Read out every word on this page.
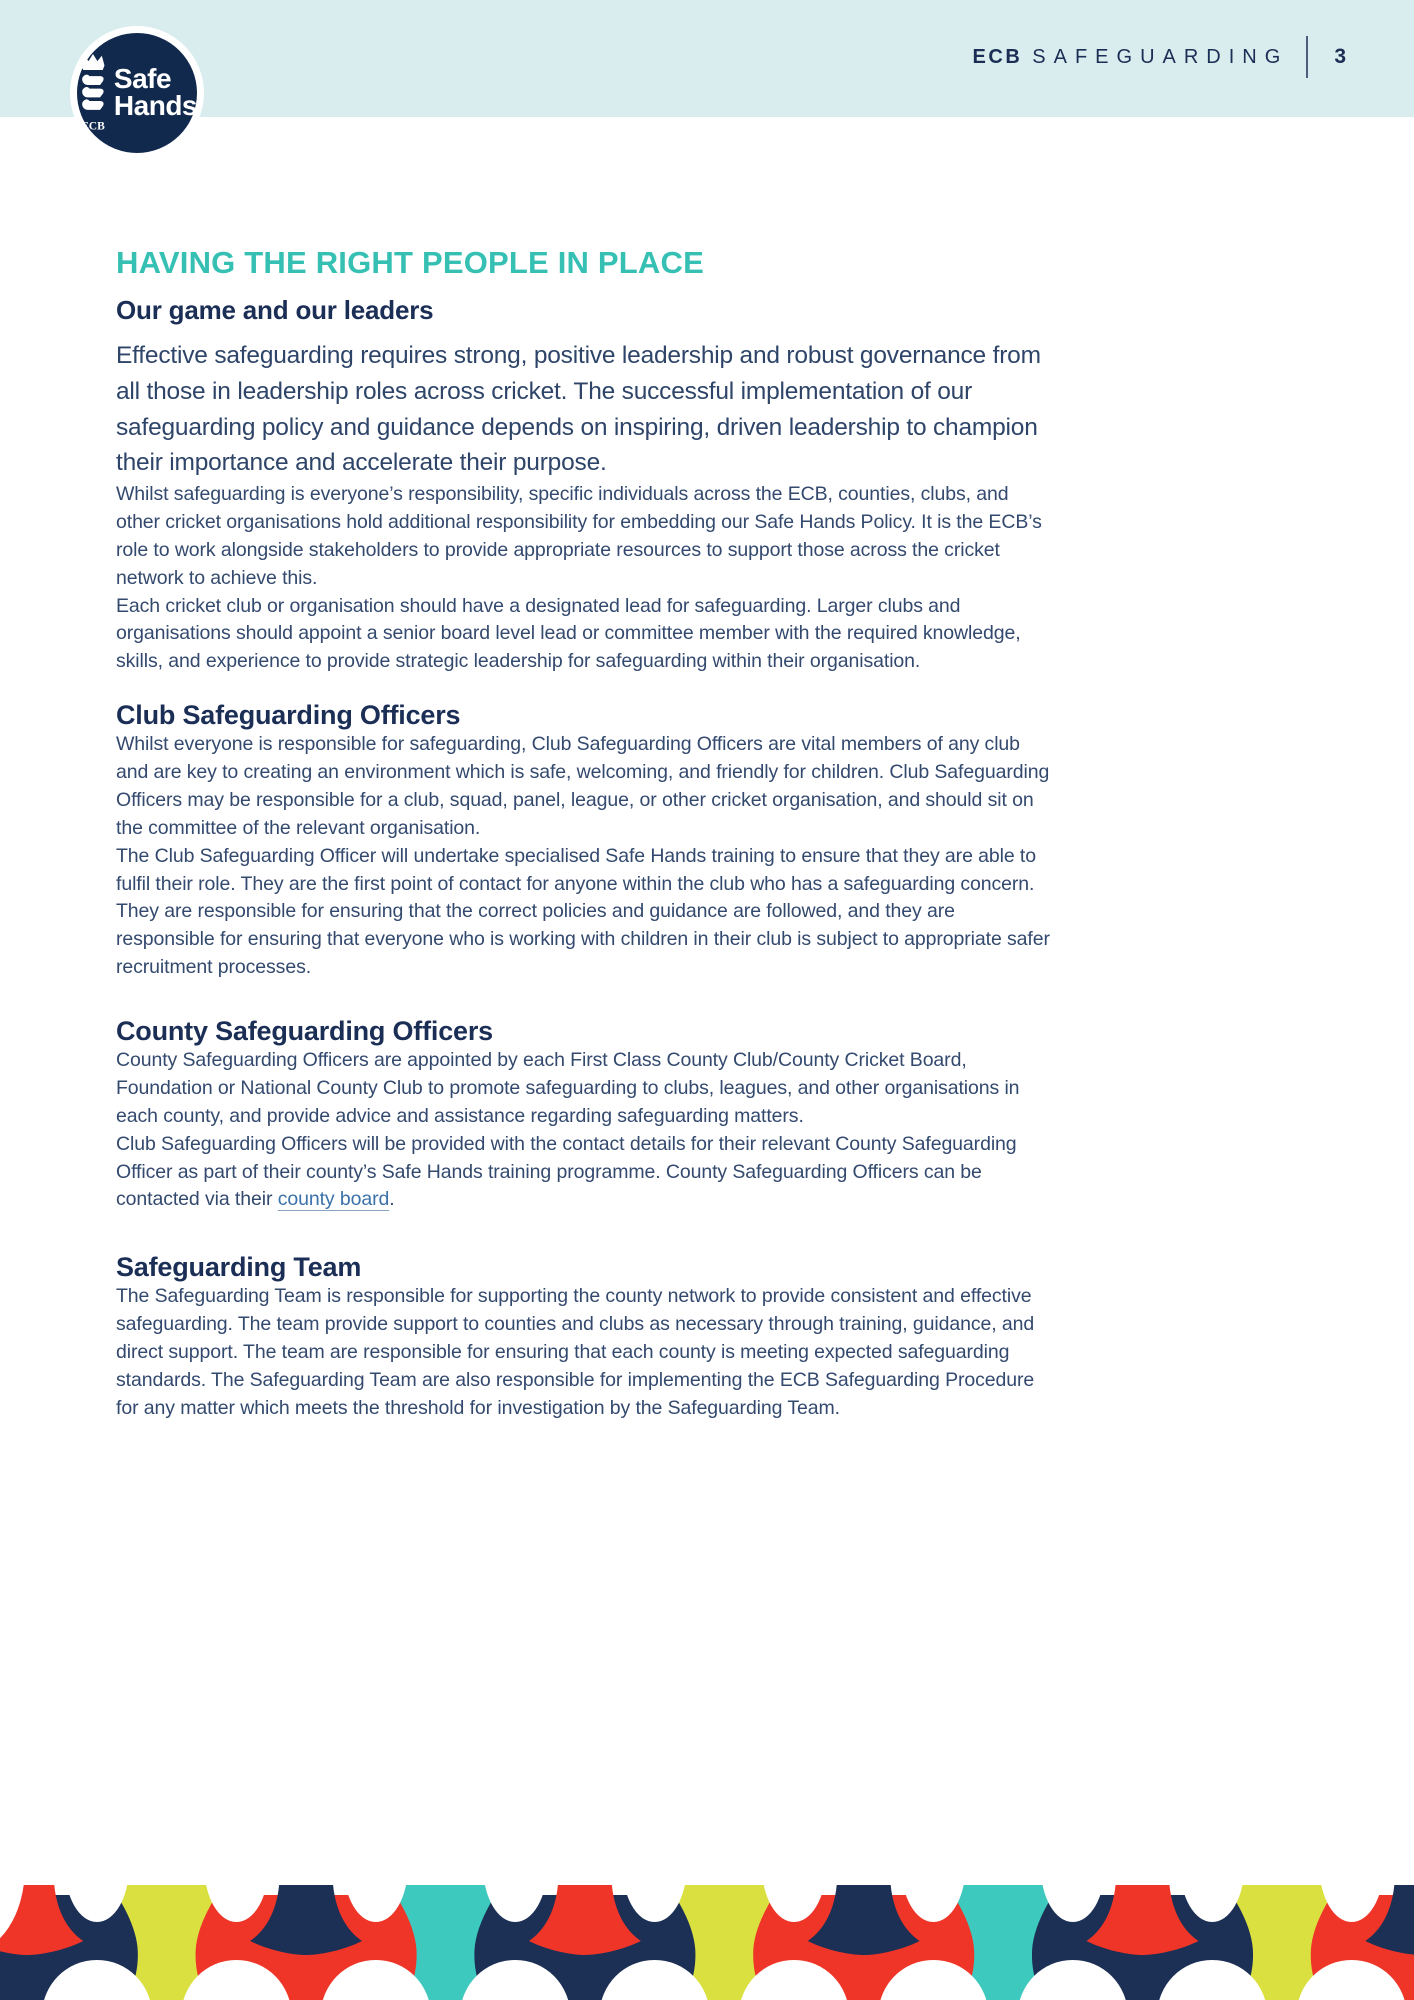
ECB SAFEGUARDING 3
ECB
Safe
Hands
HAVING THE RIGHT PEOPLE IN PLACE
Our game and our leaders

Effective safeguarding requires strong, positive leadership and robust governance from all those in leadership roles across cricket. The successful implementation of our safeguarding policy and guidance depends on inspiring, driven leadership to champion their importance and accelerate their purpose.

Whilst safeguarding is everyone’s responsibility, specific individuals across the ECB, counties, clubs, and other cricket organisations hold additional responsibility for embedding our Safe Hands Policy. It is the ECB’s role to work alongside stakeholders to provide appropriate resources to support those across the cricket network to achieve this.

Each cricket club or organisation should have a designated lead for safeguarding. Larger clubs and organisations should appoint a senior board level lead or committee member with the required knowledge, skills, and experience to provide strategic leadership for safeguarding within their organisation.

Club Safeguarding Officers

Whilst everyone is responsible for safeguarding, Club Safeguarding Officers are vital members of any club and are key to creating an environment which is safe, welcoming, and friendly for children. Club Safeguarding Officers may be responsible for a club, squad, panel, league, or other cricket organisation, and should sit on the committee of the relevant organisation.

The Club Safeguarding Officer will undertake specialised Safe Hands training to ensure that they are able to fulfil their role. They are the first point of contact for anyone within the club who has a safeguarding concern. They are responsible for ensuring that the correct policies and guidance are followed, and they are responsible for ensuring that everyone who is working with children in their club is subject to appropriate safer recruitment processes.

County Safeguarding Officers

County Safeguarding Officers are appointed by each First Class County Club/County Cricket Board, Foundation or National County Club to promote safeguarding to clubs, leagues, and other organisations in each county, and provide advice and assistance regarding safeguarding matters.

Club Safeguarding Officers will be provided with the contact details for their relevant County Safeguarding Officer as part of their county’s Safe Hands training programme. County Safeguarding Officers can be contacted via their county board.

Safeguarding Team

The Safeguarding Team is responsible for supporting the county network to provide consistent and effective safeguarding. The team provide support to counties and clubs as necessary through training, guidance, and direct support. The team are responsible for ensuring that each county is meeting expected safeguarding standards. The Safeguarding Team are also responsible for implementing the ECB Safeguarding Procedure for any matter which meets the threshold for investigation by the Safeguarding Team.
